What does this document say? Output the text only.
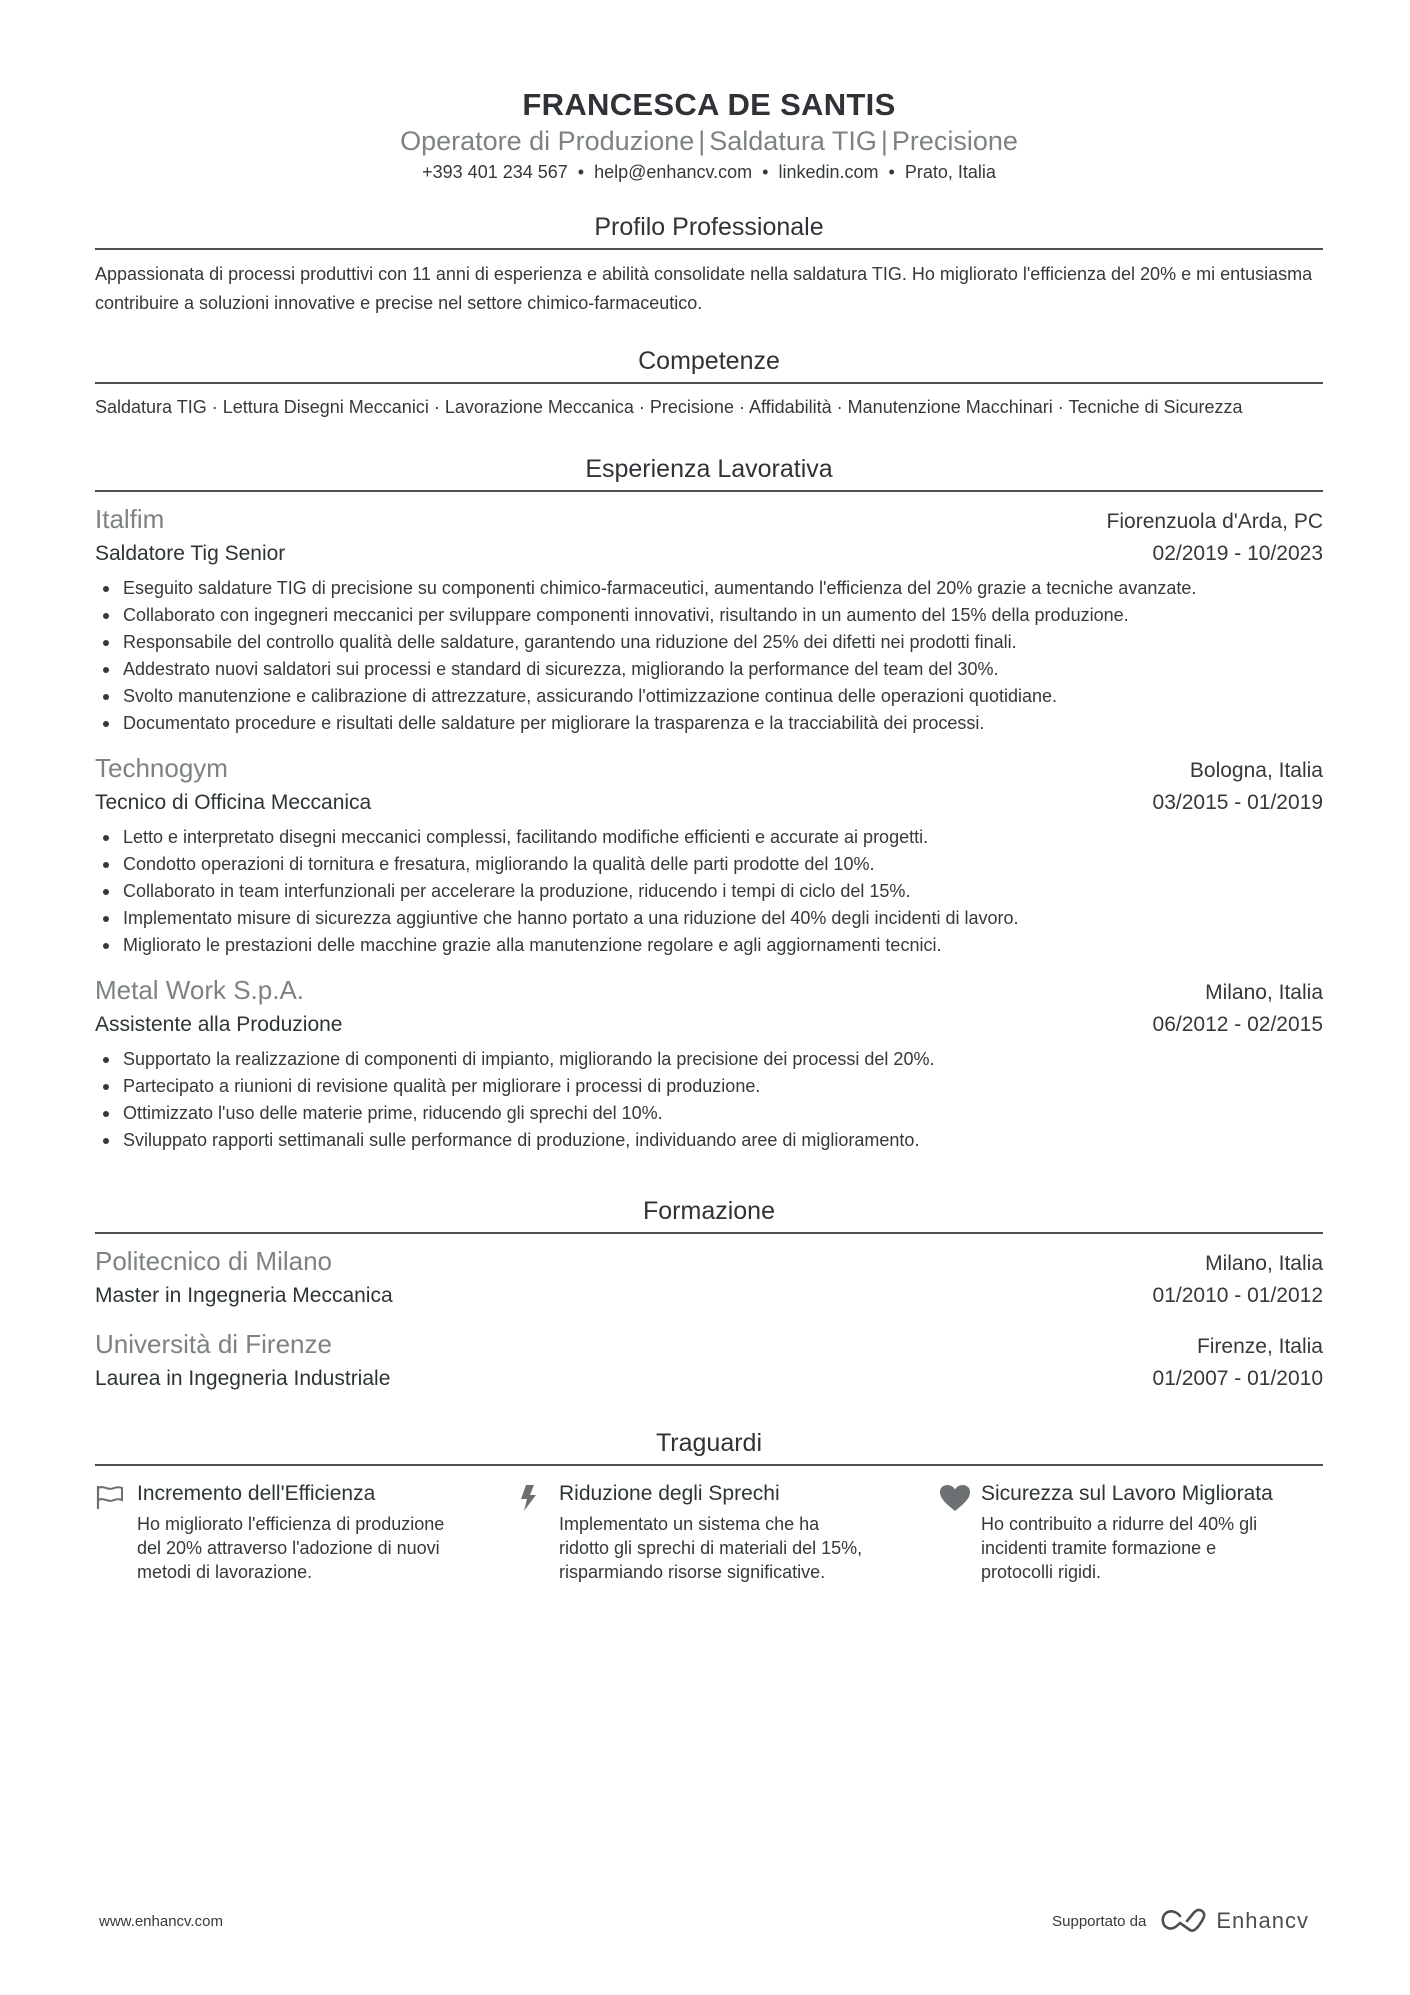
FRANCESCA DE SANTIS
Operatore di Produzione | Saldatura TIG | Precisione
+393 401 234 567 • help@enhancv.com • linkedin.com • Prato, Italia
Profilo Professionale
Appassionata di processi produttivi con 11 anni di esperienza e abilità consolidate nella saldatura TIG. Ho migliorato l'efficienza del 20% e mi entusiasma contribuire a soluzioni innovative e precise nel settore chimico-farmaceutico.
Competenze
Saldatura TIG · Lettura Disegni Meccanici · Lavorazione Meccanica · Precisione · Affidabilità · Manutenzione Macchinari · Tecniche di Sicurezza
Esperienza Lavorativa
Italfim	Fiorenzuola d'Arda, PC
Saldatore Tig Senior	02/2019 - 10/2023
Eseguito saldature TIG di precisione su componenti chimico-farmaceutici, aumentando l'efficienza del 20% grazie a tecniche avanzate.
Collaborato con ingegneri meccanici per sviluppare componenti innovativi, risultando in un aumento del 15% della produzione.
Responsabile del controllo qualità delle saldature, garantendo una riduzione del 25% dei difetti nei prodotti finali.
Addestrato nuovi saldatori sui processi e standard di sicurezza, migliorando la performance del team del 30%.
Svolto manutenzione e calibrazione di attrezzature, assicurando l'ottimizzazione continua delle operazioni quotidiane.
Documentato procedure e risultati delle saldature per migliorare la trasparenza e la tracciabilità dei processi.
Technogym	Bologna, Italia
Tecnico di Officina Meccanica	03/2015 - 01/2019
Letto e interpretato disegni meccanici complessi, facilitando modifiche efficienti e accurate ai progetti.
Condotto operazioni di tornitura e fresatura, migliorando la qualità delle parti prodotte del 10%.
Collaborato in team interfunzionali per accelerare la produzione, riducendo i tempi di ciclo del 15%.
Implementato misure di sicurezza aggiuntive che hanno portato a una riduzione del 40% degli incidenti di lavoro.
Migliorato le prestazioni delle macchine grazie alla manutenzione regolare e agli aggiornamenti tecnici.
Metal Work S.p.A.	Milano, Italia
Assistente alla Produzione	06/2012 - 02/2015
Supportato la realizzazione di componenti di impianto, migliorando la precisione dei processi del 20%.
Partecipato a riunioni di revisione qualità per migliorare i processi di produzione.
Ottimizzato l'uso delle materie prime, riducendo gli sprechi del 10%.
Sviluppato rapporti settimanali sulle performance di produzione, individuando aree di miglioramento.
Formazione
Politecnico di Milano	Milano, Italia
Master in Ingegneria Meccanica	01/2010 - 01/2012
Università di Firenze	Firenze, Italia
Laurea in Ingegneria Industriale	01/2007 - 01/2010
Traguardi
Incremento dell'Efficienza
Ho migliorato l'efficienza di produzione del 20% attraverso l'adozione di nuovi metodi di lavorazione.
Riduzione degli Sprechi
Implementato un sistema che ha ridotto gli sprechi di materiali del 15%, risparmiando risorse significative.
Sicurezza sul Lavoro Migliorata
Ho contribuito a ridurre del 40% gli incidenti tramite formazione e protocolli rigidi.
www.enhancv.com	Supportato da	Enhancv
